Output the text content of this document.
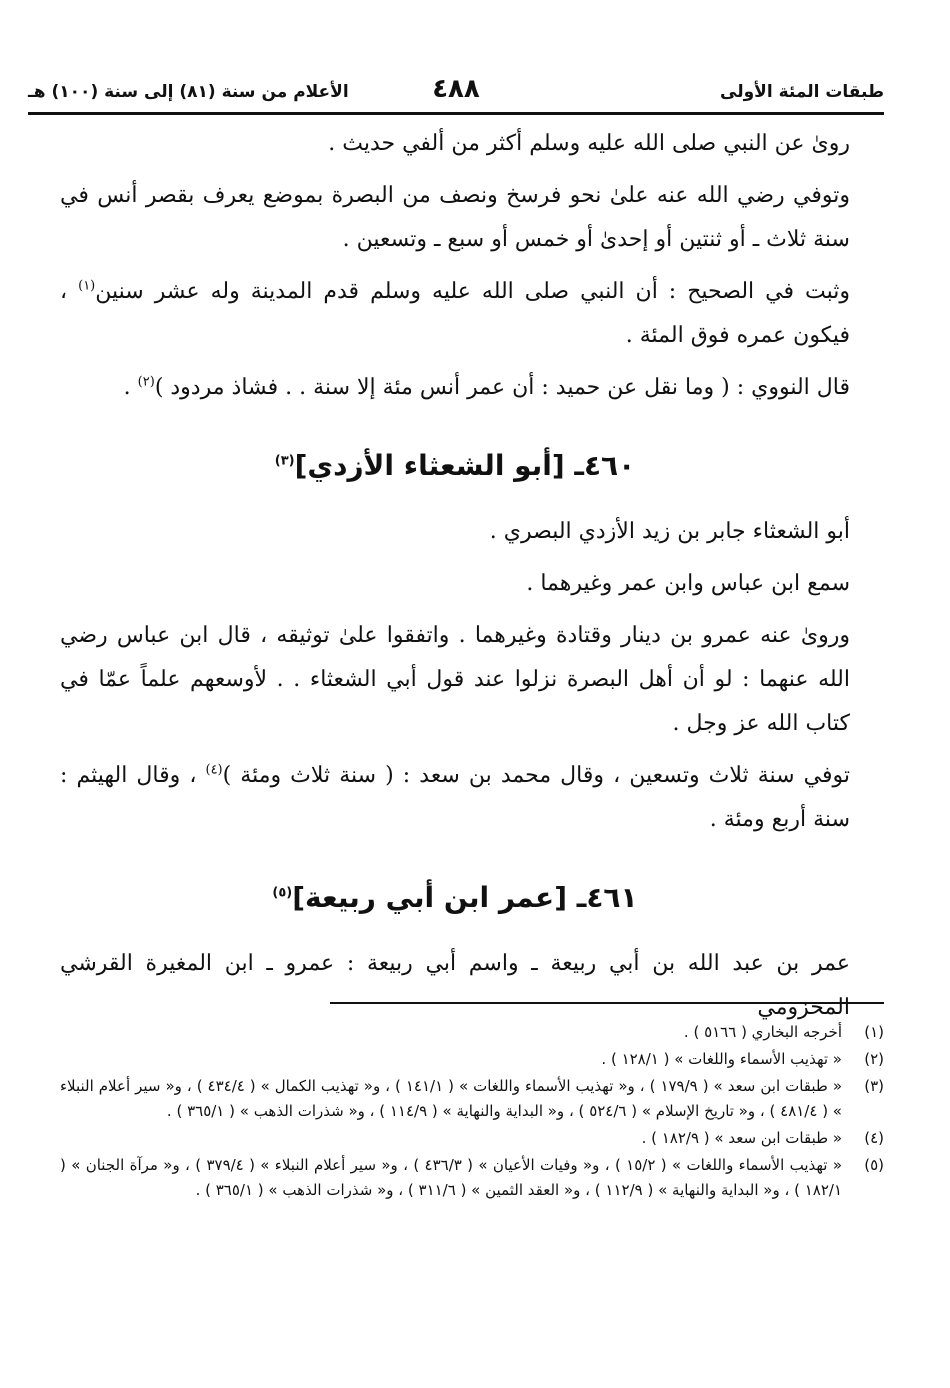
طبقات المئة الأولى
٤٨٨
الأعلام من سنة (٨١) إلى سنة (١٠٠) هـ

روىٰ عن النبي صلى الله عليه وسلم أكثر من ألفي حديث .

وتوفي رضي الله عنه علىٰ نحو فرسخ ونصف من البصرة بموضع يعرف بقصر أنس في سنة ثلاث ـ أو ثنتين أو إحدىٰ أو خمس أو سبع ـ وتسعين .

وثبت في الصحيح : أن النبي صلى الله عليه وسلم قدم المدينة وله عشر سنين$^{(١)}$ ، فيكون عمره فوق المئة .

قال النووي : ( وما نقل عن حميد : أن عمر أنس مئة إلا سنة . . فشاذ مردود )$^{(٢)}$ .

٤٦٠ـ [أبو الشعثاء الأزدي]$^{(٣)}$

أبو الشعثاء جابر بن زيد الأزدي البصري .

سمع ابن عباس وابن عمر وغيرهما .

وروىٰ عنه عمرو بن دينار وقتادة وغيرهما . واتفقوا علىٰ توثيقه ، قال ابن عباس رضي الله عنهما : لو أن أهل البصرة نزلوا عند قول أبي الشعثاء . . لأوسعهم علماً عمّا في كتاب الله عز وجل .

توفي سنة ثلاث وتسعين ، وقال محمد بن سعد : ( سنة ثلاث ومئة )$^{(٤)}$ ، وقال الهيثم : سنة أربع ومئة .

٤٦١ـ [عمر ابن أبي ربيعة]$^{(٥)}$

عمر بن عبد الله بن أبي ربيعة ـ واسم أبي ربيعة : عمرو ـ ابن المغيرة القرشي المخزومي

(١)
أخرجه البخاري ( ٥١٦٦ ) .
(٢)
« تهذيب الأسماء واللغات » ( ١٢٨/١ ) .
(٣)
« طبقات ابن سعد » ( ١٧٩/٩ ) ، و« تهذيب الأسماء واللغات » ( ١٤١/١ ) ، و« تهذيب الكمال » ( ٤٣٤/٤ ) ، و« سير أعلام النبلاء » ( ٤٨١/٤ ) ، و« تاريخ الإسلام » ( ٥٢٤/٦ ) ، و« البداية والنهاية » ( ١١٤/٩ ) ، و« شذرات الذهب » ( ٣٦٥/١ ) .
(٤)
« طبقات ابن سعد » ( ١٨٢/٩ ) .
(٥)
« تهذيب الأسماء واللغات » ( ١٥/٢ ) ، و« وفيات الأعيان » ( ٤٣٦/٣ ) ، و« سير أعلام النبلاء » ( ٣٧٩/٤ ) ، و« مرآة الجنان » ( ١٨٢/١ ) ، و« البداية والنهاية » ( ١١٢/٩ ) ، و« العقد الثمين » ( ٣١١/٦ ) ، و« شذرات الذهب » ( ٣٦٥/١ ) .
